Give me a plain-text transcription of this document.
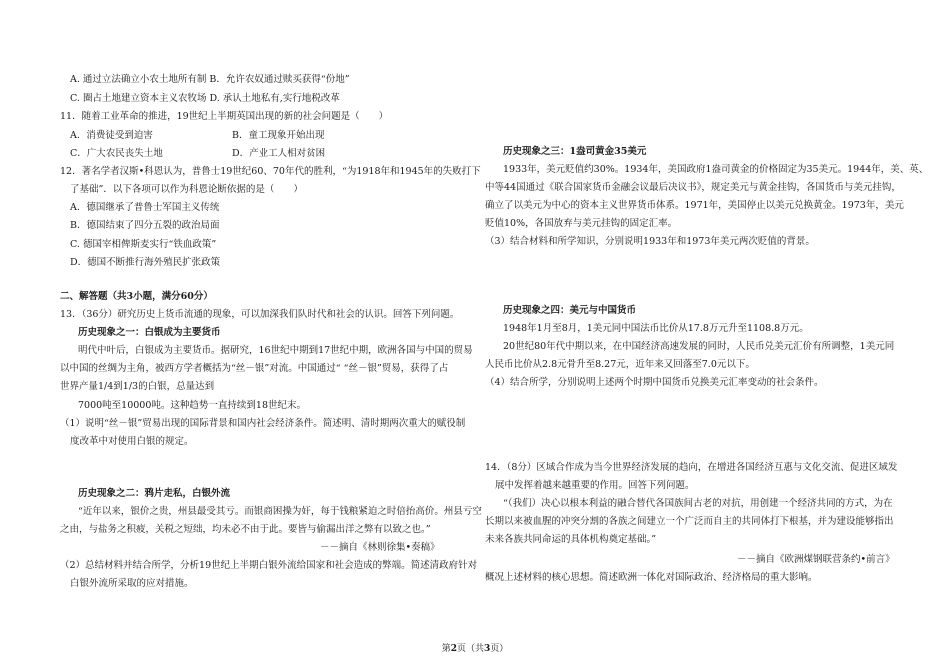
A. 通过立法确立小农土地所有制 B．允许农奴通过赎买获得“份地”
C. 圈占土地建立资本主义农牧场 D. 承认土地私有,实行地税改革
11．随着工业革命的推进，19世纪上半期英国出现的新的社会问题是（　　）
A．消费徒受到迫害	B．童工现象开始出现
C．广大农民丧失土地	D．产业工人相对贫困
12．著名学者汉斯•科恩认为，普鲁士19世纪60、70年代的胜利，“为1918年和1945年的失败打下
了基础”．以下各项可以作为科恩论断依据的是（　　）
A．德国继承了普鲁士军国主义传统
B．德国结束了四分五裂的政治局面
C. 德国宰相俾斯麦实行“铁血政策”
D．德国不断推行海外殖民扩张政策
二、解答题（共3小题，满分60分）
13．（36分）研究历史上货币流通的现象，可以加深我们队时代和社会的认识。回答下列问题。
历史现象之一：白银成为主要货币
明代中叶后，白银成为主要货币。据研究，16世纪中期到17世纪中期，欧洲各国与中国的贸易
以中国的丝绸为主角，被西方学者概括为“丝－银”对流。中国通过“ “丝－银”贸易，获得了占
世界产量1/4到1/3的白银，总量达到
7000吨至10000吨。这种趋势一直持续到18世纪末。
（1）说明“丝－银”贸易出现的国际背景和国内社会经济条件。简述明、清时期两次重大的赋役制
度改革中对使用白银的规定。
历史现象之二：鸦片走私，白银外流
“近年以来，银价之贵，州县最受其亏。而银商困操为奸，每于钱粮紧迫之时倍抬高价。州县亏空
之由，与盐务之积疲，关税之短绌，均未必不由于此。要皆与偷漏出洋之弊有以致之也。”
－－摘自《林则徐集•奏稿》
（2）总结材料并结合所学，分析19世纪上半期白银外流给国家和社会造成的弊端。简述清政府针对
白银外流所采取的应对措施。
历史现象之三：1盎司黄金35美元
1933年，美元贬值约30%。1934年，美国政府1盎司黄金的价格固定为35美元。1944年，美、英、
中等44国通过《联合国家货币金融会议最后决议书》，规定美元与黄金挂钩，各国货币与美元挂钩，
确立了以美元为中心的资本主义世界货币体系。1971年，美国停止以美元兑换黄金。1973年，美元
贬值10%，各国放弃与美元挂钩的固定汇率。
（3）结合材料和所学知识，分别说明1933年和1973年美元两次贬值的背景。
历史现象之四：美元与中国货币
1948年1月至8月，1美元同中国法币比价从17.8万元升至1108.8万元。
20世纪80年代中期以来，在中国经济高速发展的同时，人民币兑美元汇价有所调整，1美元同
人民币比价从2.8元骨升至8.27元，近年来又回落至7.0元以下。
（4）结合所学，分别说明上述两个时期中国货币兑换美元汇率变动的社会条件。
14．（8分）区域合作成为当今世界经济发展的趋向，在增进各国经济互惠与文化交流、促进区域发
展中发挥着越来越重要的作用。回答下列问题。
“（我们）决心以根本利益的融合替代各国族间古老的对抗，用创建一个经济共同的方式，为在
长期以来被血腥的冲突分割的各族之间建立一个广泛而自主的共同体打下根基，并为建设能够指出
未来各族共同命运的具体机构奠定基础。”
－－摘自《欧洲煤钢联营条约•前言》
概况上述材料的核心思想。简述欧洲一体化对国际政治、经济格局的重大影响。
第2页（共3页）
